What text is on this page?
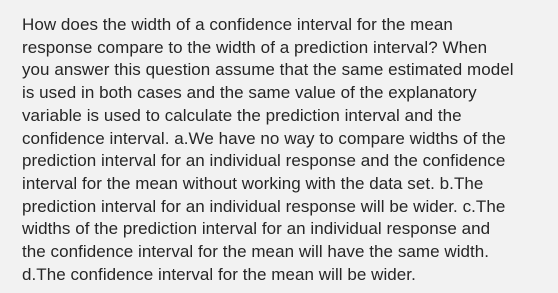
How does the width of a confidence interval for the mean
response compare to the width of a prediction interval? When
you answer this question assume that the same estimated model
is used in both cases and the same value of the explanatory
variable is used to calculate the prediction interval and the
confidence interval. a.We have no way to compare widths of the
prediction interval for an individual response and the confidence
interval for the mean without working with the data set. b.The
prediction interval for an individual response will be wider. c.The
widths of the prediction interval for an individual response and
the confidence interval for the mean will have the same width.
d.The confidence interval for the mean will be wider.
